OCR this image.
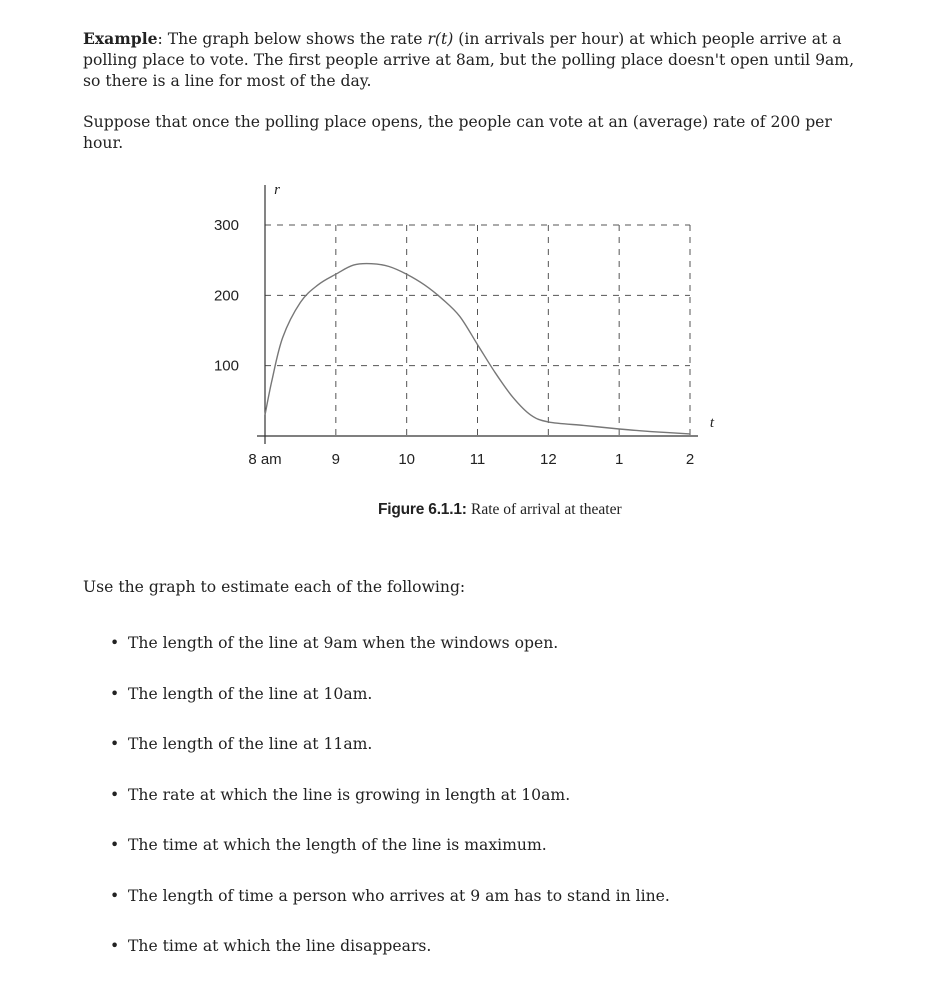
Example: The graph below shows the rate r(t) (in arrivals per hour) at which people arrive at a polling place to vote. The first people arrive at 8am, but the polling place doesn't open until 9am, so there is a line for most of the day.
Suppose that once the polling place opens, the people can vote at an (average) rate of 200 per hour.
8 am	9	10	11	12	1	2
100
200
300
r
t
Figure 6.1.1: Rate of arrival at theater
Use the graph to estimate each of the following:
• The length of the line at 9am when the windows open.
• The length of the line at 10am.
• The length of the line at 11am.
• The rate at which the line is growing in length at 10am.
• The time at which the length of the line is maximum.
• The length of time a person who arrives at 9 am has to stand in line.
• The time at which the line disappears.
